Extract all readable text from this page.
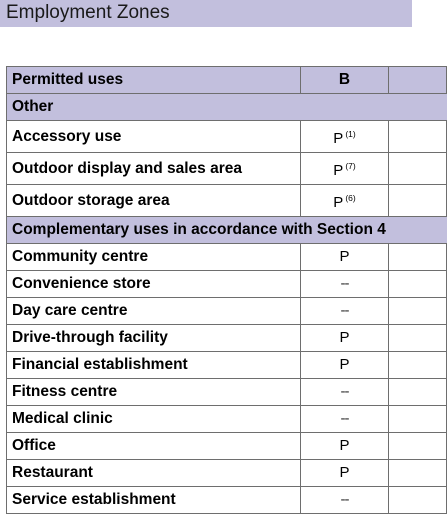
Employment Zones
Permitted uses	B	
Other		
Accessory use	P $^{(1)}$	
Outdoor display and sales area	P $^{(7)}$	
Outdoor storage area	P $^{(6)}$	
Complementary uses in accordance with Section 4		
Community centre	P	
Convenience store	--	
Day care centre	--	
Drive-through facility	P	
Financial establishment	P	
Fitness centre	--	
Medical clinic	--	
Office	P	
Restaurant	P	
Service establishment	--	
